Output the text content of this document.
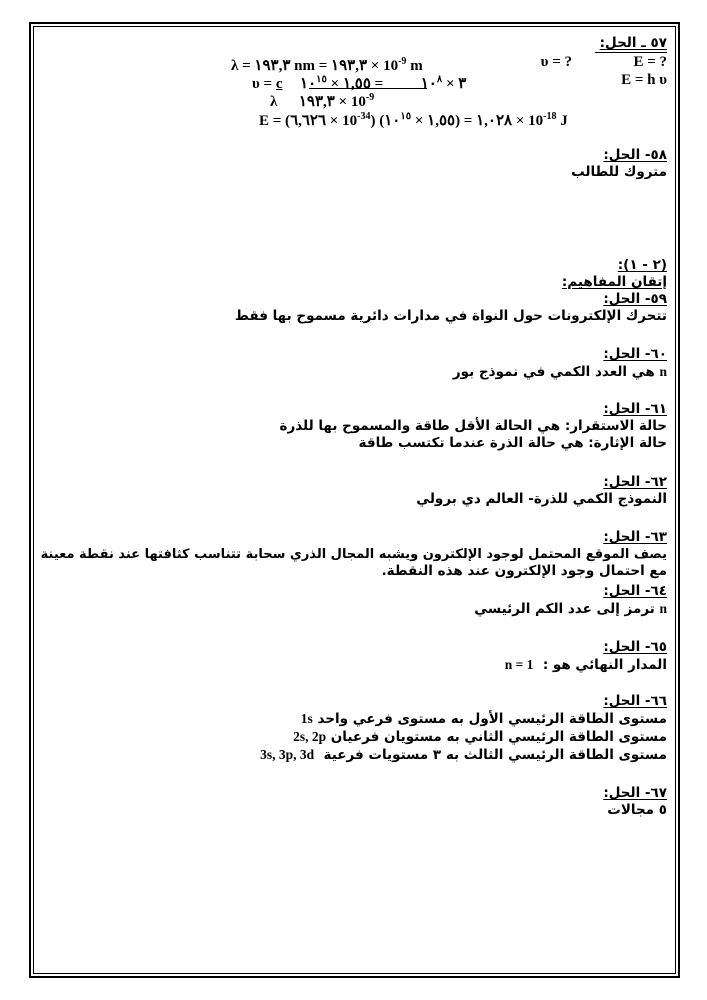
٥٧ ـ الحل:
E = ?
υ = ?
λ = ١٩٣,٣ nm = ١٩٣,٣ × $10^{-9}$ m
υ = c	٣ × $١٠^٨$  = ١,٥٥ × $١٠^{١٥}$	E = h υ
λ ١٩٣,٣ × $10^{-9}$
E = (٦,٦٢٦ × $10^{-34}$) (١,٥٥ × $١٠^{١٥}$	) = ١,٠٢٨ × $10^{-18}$ J
٥٨- الحل:
متروك للطالب
(٢ - ١):
إتقان المفاهيم:
٥٩- الحل:
تتحرك الإلكترونات حول النواة في مدارات دائرية مسموح بها فقط
٦٠- الحل:
n هي العدد الكمي في نموذج بور
٦١- الحل:
حالة الاستقرار: هي الحالة الأقل طاقة والمسموح بها للذرة
حالة الإثارة: هي حالة الذرة عندما تكتسب طاقة
٦٢- الحل:
النموذج الكمي للذرة- العالم دي برولي
٦٣- الحل:
يصف الموقع المحتمل لوجود الإلكترون ويشبه المجال الذري سحابة تتناسب كثافتها عند نقطة معينة
مع احتمال وجود الإلكترون عند هذه النقطة.
٦٤- الحل:
n ترمز إلى عدد الكم الرئيسي
٦٥- الحل:
المدار النهائي هو :  n = 1
٦٦- الحل:
مستوى الطاقة الرئيسي الأول به مستوى فرعي واحد 1s
مستوى الطاقة الرئيسي الثاني به مستويان فرعيان 2s, 2p
مستوى الطاقة الرئيسي الثالث به ٣ مستويات فرعية  3s, 3p, 3d
٦٧- الحل:
٥ مجالات
